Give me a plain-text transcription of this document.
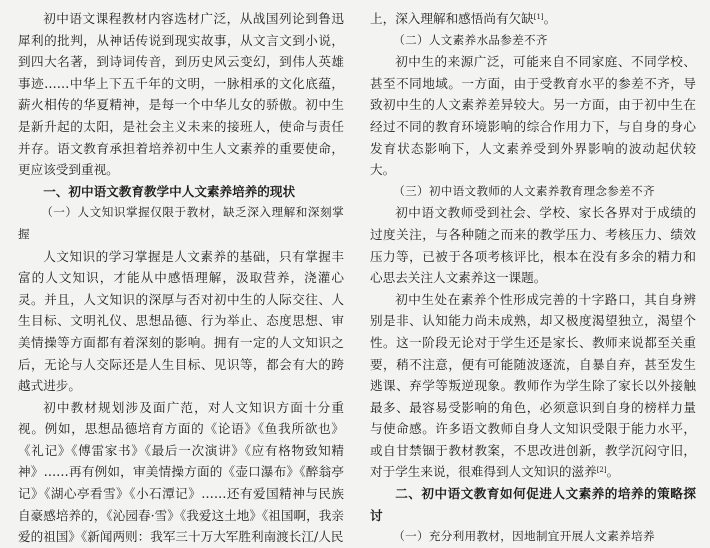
初中语文课程教材内容选材广泛，从战国列论到鲁迅犀利的批判，从神话传说到现实故事，从文言文到小说，到四大名著，到诗词传音，到历史风云变幻，到伟人英雄事迹……中华上下五千年的文明，一脉相承的文化底蕴，薪火相传的华夏精神，是每一个中华儿女的骄傲。初中生是新升起的太阳，是社会主义未来的接班人，使命与责任并存。语文教育承担着培养初中生人文素养的重要使命，更应该受到重视。

一、初中语文教育教学中人文素养培养的现状
（一）人文知识掌握仅限于教材，缺乏深入理解和深刻掌握

人文知识的学习掌握是人文素养的基础，只有掌握丰富的人文知识，才能从中感悟理解，汲取营养，浇灌心灵。并且，人文知识的深厚与否对初中生的人际交往、人生目标、文明礼仪、思想品德、行为举止、态度思想、审美情操等方面都有着深刻的影响。拥有一定的人文知识之后，无论与人交际还是人生目标、见识等，都会有大的跨越式进步。

初中教材规划涉及面广范，对人文知识方面十分重视。例如，思想品德培育方面的《论语》《鱼我所欲也》《礼记》《傅雷家书》《最后一次演讲》《应有格物致知精神》……再有例如，审美情操方面的《壶口瀑布》《醉翁亭记》《湖心亭看雪》《小石潭记》……还有爱国精神与民族自豪感培养的，《沁园春·雪》《我爱这土地》《祖国啊，我亲爱的祖国》《新闻两则：我军三十万大军胜利南渡长江/人民

上，深入理解和感悟尚有欠缺[1]。

（二）人文素养水品参差不齐

初中生的来源广泛，可能来自不同家庭、不同学校、甚至不同地域。一方面，由于受教育水平的参差不齐，导致初中生的人文素养差异较大。另一方面，由于初中生在经过不同的教育环境影响的综合作用力下，与自身的身心发育状态影响下，人文素养受到外界影响的波动起伏较大。

（三）初中语文教师的人文素养教育理念参差不齐

初中语文教师受到社会、学校、家长各界对于成绩的过度关注，与各种随之而来的教学压力、考核压力、绩效压力等，已被于各项考核评比，根本在没有多余的精力和心思去关注人文素养这一课题。

初中生处在素养个性形成完善的十字路口，其自身辨别是非、认知能力尚未成熟，却又极度渴望独立，渴望个性。这一阶段无论对于学生还是家长、教师来说都至关重要，稍不注意，便有可能随波逐流，自暴自弃，甚至发生逃课、弃学等叛逆现象。教师作为学生除了家长以外接触最多、最容易受影响的角色，必须意识到自身的榜样力量与使命感。许多语文教师自身人文知识受限于能力水平，或自甘禁锢于教材教案，不思改进创新，教学沉闷守旧，对于学生来说，很难得到人文知识的滋养[2]。

二、初中语文教育如何促进人文素养的培养的策略探讨
（一）充分利用教材，因地制宜开展人文素养培养
